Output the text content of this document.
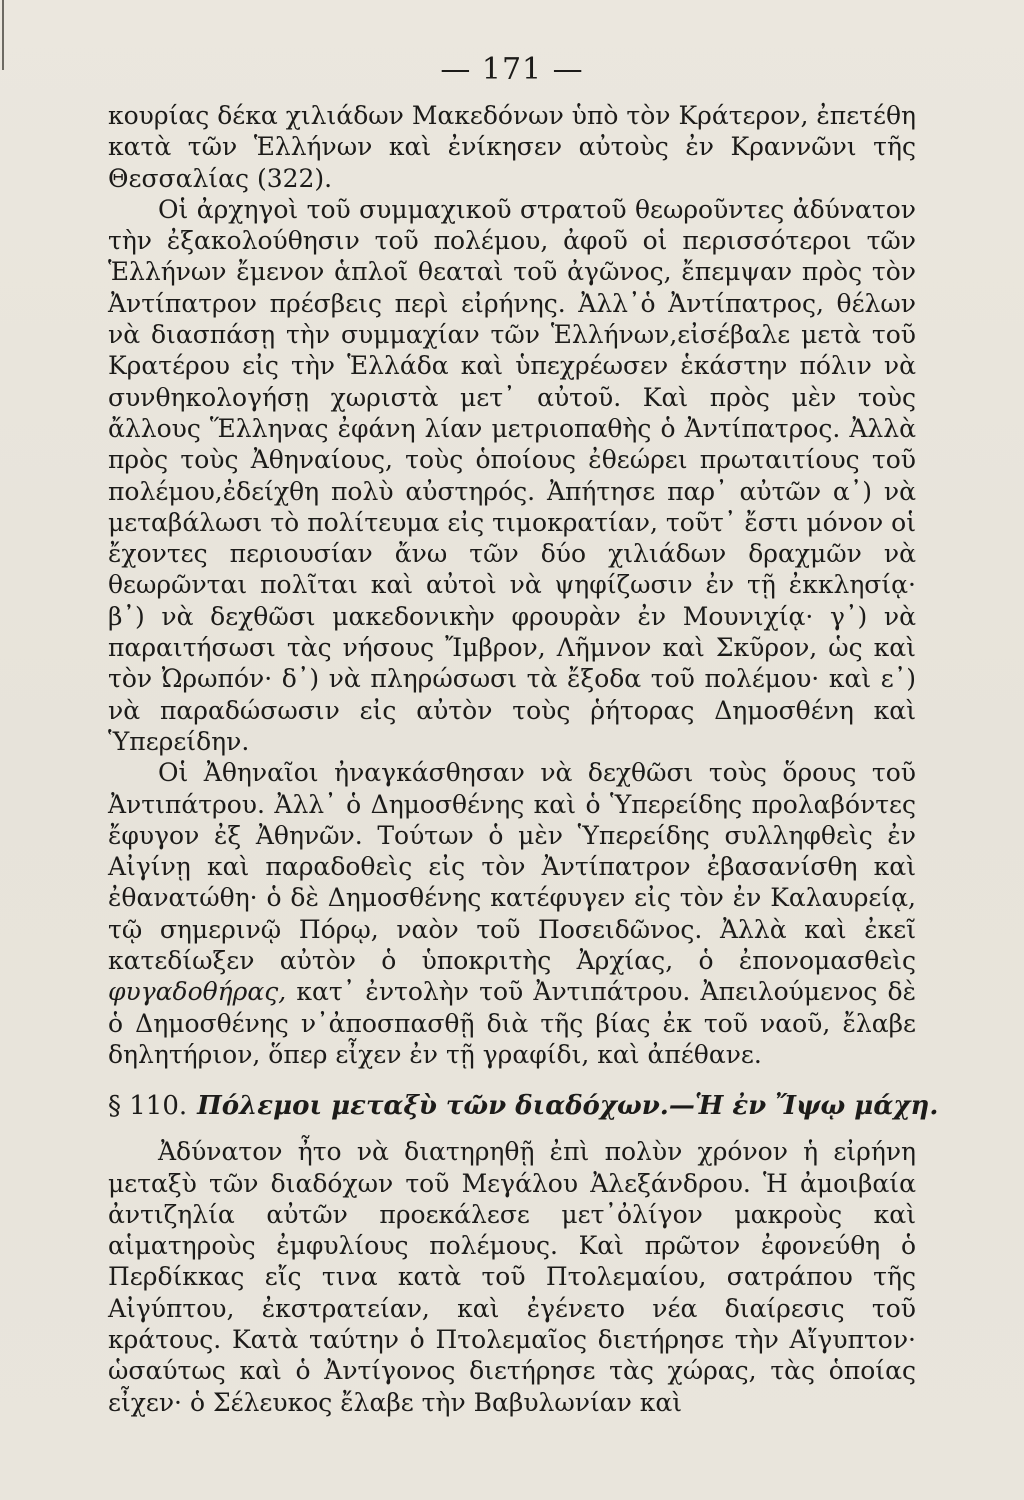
— 171 —

κουρίας δέκα χιλιάδων Μακεδόνων ὑπὸ τὸν Κράτερον, ἐπετέθη κατὰ τῶν Ἑλλήνων καὶ ἐνίκησεν αὐτοὺς ἐν Κραννῶνι τῆς Θεσσαλίας (322).

Οἱ ἀρχηγοὶ τοῦ συμμαχικοῦ στρατοῦ θεωροῦντες ἀδύνατον τὴν ἐξακολούθησιν τοῦ πολέμου, ἀφοῦ οἱ περισσότεροι τῶν Ἑλλήνων ἔμενον ἁπλοῖ θεαταὶ τοῦ ἀγῶνος, ἔπεμψαν πρὸς τὸν Ἀντίπατρον πρέσβεις περὶ εἰρήνης. Ἀλλ᾽ὁ Ἀντίπατρος, θέλων νὰ διασπάσῃ τὴν συμμαχίαν τῶν Ἑλλήνων,εἰσέβαλε μετὰ τοῦ Κρατέρου εἰς τὴν Ἑλλάδα καὶ ὑπεχρέωσεν ἑκάστην πόλιν νὰ συνθηκολογήσῃ χωριστὰ μετ᾽ αὐτοῦ. Καὶ πρὸς μὲν τοὺς ἄλλους Ἕλληνας ἐφάνη λίαν μετριοπαθὴς ὁ Ἀντίπατρος. Ἀλλὰ πρὸς τοὺς Ἀθηναίους, τοὺς ὁποίους ἐθεώρει πρωταιτίους τοῦ πολέμου,ἐδείχθη πολὺ αὐστηρός. Ἀπήτησε παρ᾽ αὐτῶν α᾽) νὰ μεταβάλωσι τὸ πολίτευμα εἰς τιμοκρατίαν, τοῦτ᾽ ἔστι μόνον οἱ ἔχοντες περιουσίαν ἄνω τῶν δύο χιλιάδων δραχμῶν νὰ θεωρῶνται πολῖται καὶ αὐτοὶ νὰ ψηφίζωσιν ἐν τῇ ἐκκλησίᾳ· β᾽) νὰ δεχθῶσι μακεδονικὴν φρουρὰν ἐν Μουνιχίᾳ· γ᾽) νὰ παραιτήσωσι τὰς νήσους Ἴμβρον, Λῆμνον καὶ Σκῦρον, ὡς καὶ τὸν Ὠρωπόν· δ᾽) νὰ πληρώσωσι τὰ ἔξοδα τοῦ πολέμου· καὶ ε᾽) νὰ παραδώσωσιν εἰς αὐτὸν τοὺς ῥήτορας Δημοσθένη καὶ Ὑπερείδην.

Οἱ Ἀθηναῖοι ἠναγκάσθησαν νὰ δεχθῶσι τοὺς ὅρους τοῦ Ἀντιπάτρου. Ἀλλ᾽ ὁ Δημοσθένης καὶ ὁ Ὑπερείδης προλαβόντες ἔφυγον ἐξ Ἀθηνῶν. Τούτων ὁ μὲν Ὑπερείδης συλληφθεὶς ἐν Αἰγίνῃ καὶ παραδοθεὶς εἰς τὸν Ἀντίπατρον ἐβασανίσθη καὶ ἐθανατώθη· ὁ δὲ Δημοσθένης κατέφυγεν εἰς τὸν ἐν Καλαυρείᾳ, τῷ σημερινῷ Πόρῳ, ναὸν τοῦ Ποσειδῶνος. Ἀλλὰ καὶ ἐκεῖ κατεδίωξεν αὐτὸν ὁ ὑποκριτὴς Ἀρχίας, ὁ ἐπονομασθεὶς φυγαδοθήρας, κατ᾽ ἐντολὴν τοῦ Ἀντιπάτρου. Ἀπειλούμενος δὲ ὁ Δημοσθένης ν᾽ἀποσπασθῇ διὰ τῆς βίας ἐκ τοῦ ναοῦ, ἔλαβε δηλητήριον, ὅπερ εἶχεν ἐν τῇ γραφίδι, καὶ ἀπέθανε.

§ 110. Πόλεμοι μεταξὺ τῶν διαδόχων.—Ἡ ἐν Ἴψῳ μάχη.

Ἀδύνατον ἦτο νὰ διατηρηθῇ ἐπὶ πολὺν χρόνον ἡ εἰρήνη μεταξὺ τῶν διαδόχων τοῦ Μεγάλου Ἀλεξάνδρου. Ἡ ἀμοιβαία ἀντιζηλία αὐτῶν προεκάλεσε μετ᾽ὀλίγον μακροὺς καὶ αἱματηροὺς ἐμφυλίους πολέμους. Καὶ πρῶτον ἐφονεύθη ὁ Περδίκκας εἴς τινα κατὰ τοῦ Πτολεμαίου, σατράπου τῆς Αἰγύπτου, ἐκστρατείαν, καὶ ἐγένετο νέα διαίρεσις τοῦ κράτους. Κατὰ ταύτην ὁ Πτολεμαῖος διετήρησε τὴν Αἴγυπτον· ὡσαύτως καὶ ὁ Ἀντίγονος διετήρησε τὰς χώρας, τὰς ὁποίας εἶχεν· ὁ Σέλευκος ἔλαβε τὴν Βαβυλωνίαν καὶ
